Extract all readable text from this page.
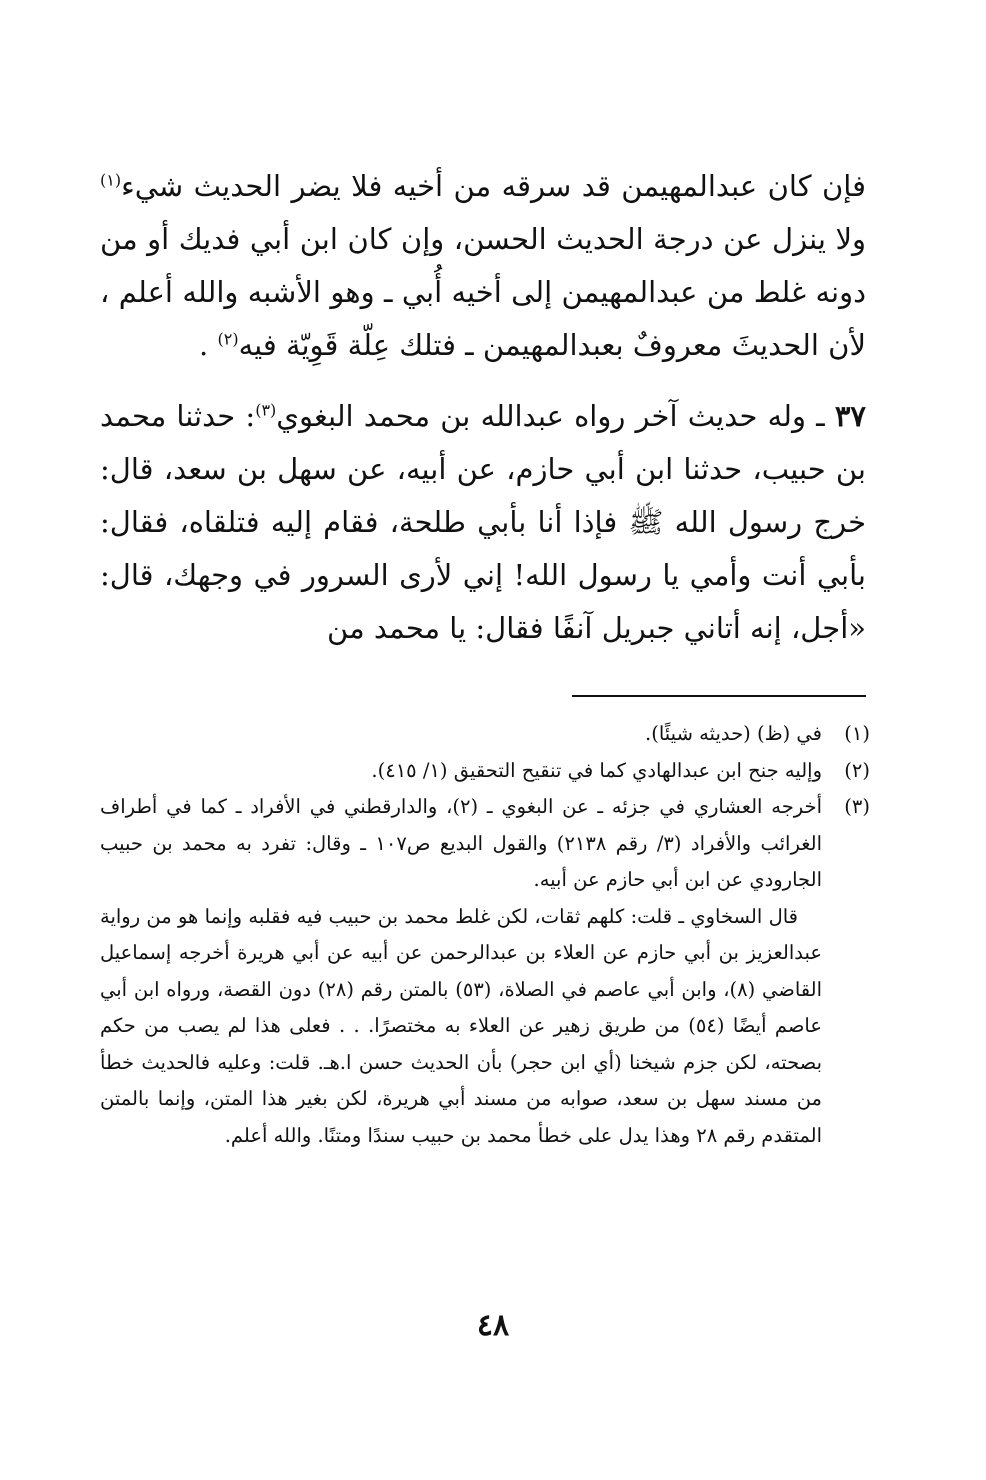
فإن كان عبدالمهيمن قد سرقه من أخيه فلا يضر الحديث شيء$^{(١)}$ ولا ينزل عن درجة الحديث الحسن، وإن كان ابن أبي فديك أو من دونه غلط من عبدالمهيمن إلى أخيه أُبي ـ وهو الأشبه والله أعلم ، لأن الحديثَ معروفٌ بعبدالمهيمن ـ فتلك عِلّة قَوِيّة فيه$^{(٢)}$ .

٣٧ ـ وله حديث آخر رواه عبدالله بن محمد البغوي$^{(٣)}$: حدثنا محمد بن حبيب، حدثنا ابن أبي حازم، عن أبيه، عن سهل بن سعد، قال: خرج رسول الله ﷺ فإذا أنا بأبي طلحة، فقام إليه فتلقاه، فقال: بأبي أنت وأمي يا رسول الله! إني لأرى السرور في وجهك، قال: «أجل، إنه أتاني جبريل آنفًا فقال: يا محمد من

(١)

في (ظ) (حديثه شيئًا).

(٢)

وإليه جنح ابن عبدالهادي كما في تنقيح التحقيق (١/ ٤١٥).

(٣)

أخرجه العشاري في جزئه ـ عن البغوي ـ (٢)، والدارقطني في الأفراد ـ كما في أطراف الغرائب والأفراد (٣/ رقم ٢١٣٨) والقول البديع ص١٠٧ ـ وقال: تفرد به محمد بن حبيب الجارودي عن ابن أبي حازم عن أبيه.

قال السخاوي ـ قلت: كلهم ثقات، لكن غلط محمد بن حبيب فيه فقلبه وإنما هو من رواية عبدالعزيز بن أبي حازم عن العلاء بن عبدالرحمن عن أبيه عن أبي هريرة أخرجه إسماعيل القاضي (٨)، وابن أبي عاصم في الصلاة، (٥٣) بالمتن رقم (٢٨) دون القصة، ورواه ابن أبي عاصم أيضًا (٥٤) من طريق زهير عن العلاء به مختصرًا. . . فعلى هذا لم يصب من حكم بصحته، لكن جزم شيخنا (أي ابن حجر) بأن الحديث حسن ا.هـ. قلت: وعليه فالحديث خطأ من مسند سهل بن سعد، صوابه من مسند أبي هريرة، لكن بغير هذا المتن، وإنما بالمتن المتقدم رقم ٢٨ وهذا يدل على خطأ محمد بن حبيب سندًا ومتنًا. والله أعلم.

٤٨
